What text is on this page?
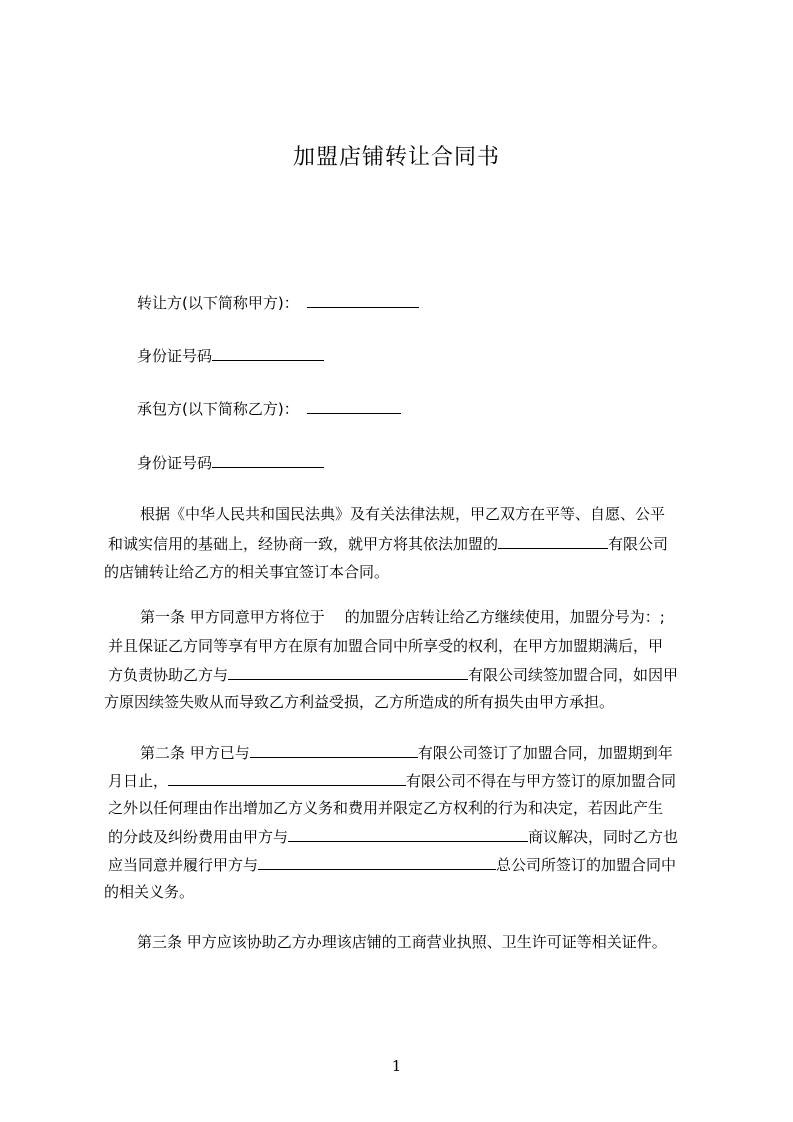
加盟店铺转让合同书
转让方(以下简称甲方)：
身份证号码
承包方(以下简称乙方)：
身份证号码
根据《中华人民共和国民法典》及有关法律法规，甲乙双方在平等、自愿、公平
和诚实信用的基础上，经协商一致，就甲方将其依法加盟的	有限公司
的店铺转让给乙方的相关事宜签订本合同。
第一条 甲方同意甲方将位于 的加盟分店转让给乙方继续使用，加盟分号为：;
并且保证乙方同等享有甲方在原有加盟合同中所享受的权利，在甲方加盟期满后，甲
方负责协助乙方与	有限公司续签加盟合同，如因甲
方原因续签失败从而导致乙方利益受损，乙方所造成的所有损失由甲方承担。
第二条 甲方已与	有限公司签订了加盟合同，加盟期到年
月日止，	有限公司不得在与甲方签订的原加盟合同
之外以任何理由作出增加乙方义务和费用并限定乙方权利的行为和决定，若因此产生
的分歧及纠纷费用由甲方与	商议解决，同时乙方也
应当同意并履行甲方与	总公司所签订的加盟合同中
的相关义务。
第三条 甲方应该协助乙方办理该店铺的工商营业执照、卫生许可证等相关证件。
1
